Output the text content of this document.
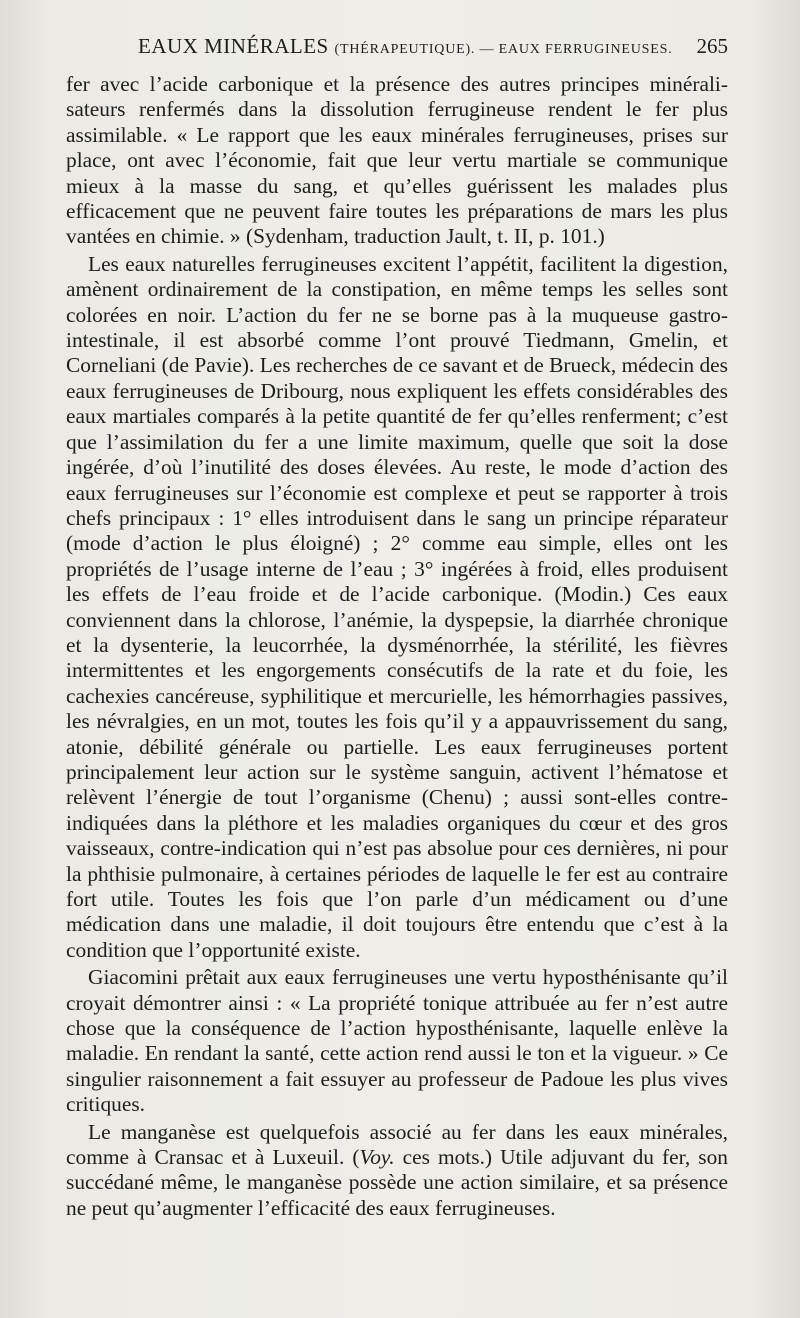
EAUX MINÉRALES (THÉRAPEUTIQUE). — EAUX FERRUGINEUSES. 265

fer avec l’acide carbonique et la présence des autres principes minéralisateurs renfermés dans la dissolution ferrugineuse rendent le fer plus assimilable. « Le rapport que les eaux minérales ferrugineuses, prises sur place, ont avec l’économie, fait que leur vertu martiale se communique mieux à la masse du sang, et qu’elles guérissent les malades plus efficacement que ne peuvent faire toutes les préparations de mars les plus vantées en chimie. » (Sydenham, traduction Jault, t. II, p. 101.)

Les eaux naturelles ferrugineuses excitent l’appétit, facilitent la digestion, amènent ordinairement de la constipation, en même temps les selles sont colorées en noir. L’action du fer ne se borne pas à la muqueuse gastro-intestinale, il est absorbé comme l’ont prouvé Tiedmann, Gmelin, et Corneliani (de Pavie). Les recherches de ce savant et de Brueck, médecin des eaux ferrugineuses de Dribourg, nous expliquent les effets considérables des eaux martiales comparés à la petite quantité de fer qu’elles renferment; c’est que l’assimilation du fer a une limite maximum, quelle que soit la dose ingérée, d’où l’inutilité des doses élevées. Au reste, le mode d’action des eaux ferrugineuses sur l’économie est complexe et peut se rapporter à trois chefs principaux : 1° elles introduisent dans le sang un principe réparateur (mode d’action le plus éloigné) ; 2° comme eau simple, elles ont les propriétés de l’usage interne de l’eau ; 3° ingérées à froid, elles produisent les effets de l’eau froide et de l’acide carbonique. (Modin.) Ces eaux conviennent dans la chlorose, l’anémie, la dyspepsie, la diarrhée chronique et la dysenterie, la leucorrhée, la dysménorrhée, la stérilité, les fièvres intermittentes et les engorgements consécutifs de la rate et du foie, les cachexies cancéreuse, syphilitique et mercurielle, les hémorrhagies passives, les névralgies, en un mot, toutes les fois qu’il y a appauvrissement du sang, atonie, débilité générale ou partielle. Les eaux ferrugineuses portent principalement leur action sur le système sanguin, activent l’hématose et relèvent l’énergie de tout l’organisme (Chenu) ; aussi sont-elles contre-indiquées dans la pléthore et les maladies organiques du cœur et des gros vaisseaux, contre-indication qui n’est pas absolue pour ces dernières, ni pour la phthisie pulmonaire, à certaines périodes de laquelle le fer est au contraire fort utile. Toutes les fois que l’on parle d’un médicament ou d’une médication dans une maladie, il doit toujours être entendu que c’est à la condition que l’opportunité existe.

Giacomini prêtait aux eaux ferrugineuses une vertu hyposthénisante qu’il croyait démontrer ainsi : « La propriété tonique attribuée au fer n’est autre chose que la conséquence de l’action hyposthénisante, laquelle enlève la maladie. En rendant la santé, cette action rend aussi le ton et la vigueur. » Ce singulier raisonnement a fait essuyer au professeur de Padoue les plus vives critiques.

Le manganèse est quelquefois associé au fer dans les eaux minérales, comme à Cransac et à Luxeuil. (Voy. ces mots.) Utile adjuvant du fer, son succédané même, le manganèse possède une action similaire, et sa présence ne peut qu’augmenter l’efficacité des eaux ferrugineuses.
